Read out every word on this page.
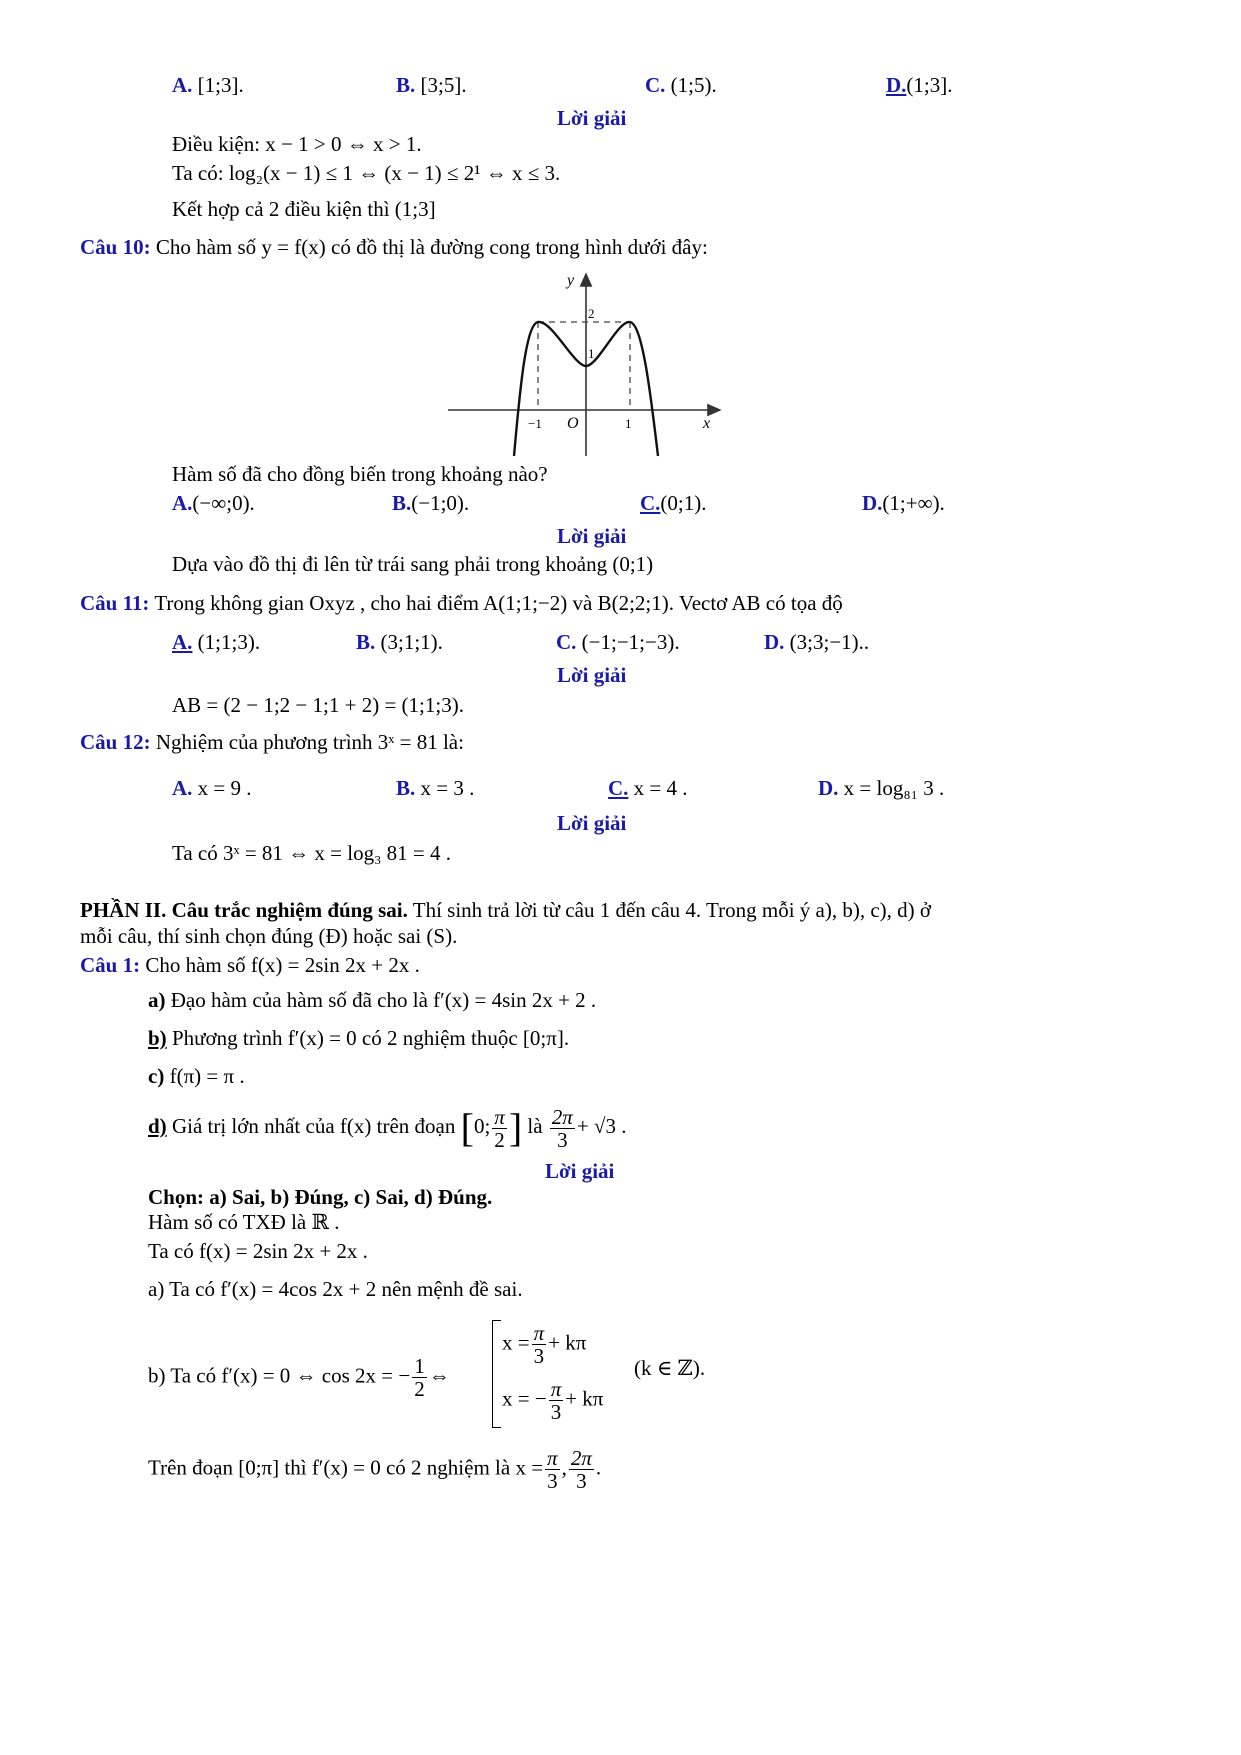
A. [1;3].	B. [3;5].	C. (1;5).	D.(1;3].
Lời giải
Điều kiện: x − 1 > 0 ⇔ x > 1.
Ta có: log₂(x − 1) ≤ 1 ⇔ (x − 1) ≤ 2¹ ⇔ x ≤ 3.
Kết hợp cả 2 điều kiện thì (1;3]
Câu 10: Cho hàm số y = f(x) có đồ thị là đường cong trong hình dưới đây:
y
x
O
−1	1
1
2
Hàm số đã cho đồng biến trong khoảng nào?
A.(−∞;0).	B.(−1;0).	C.(0;1).	D.(1;+∞).
Lời giải
Dựa vào đồ thị đi lên từ trái sang phải trong khoảng (0;1)
Câu 11: Trong không gian Oxyz , cho hai điểm A(1;1;−2) và B(2;2;1). Vectơ AB có tọa độ
A. (1;1;3).	B. (3;1;1).	C. (−1;−1;−3).	D. (3;3;−1)..
Lời giải
AB = (2 − 1;2 − 1;1 + 2) = (1;1;3).
Câu 12: Nghiệm của phương trình 3ˣ = 81 là:
A. x = 9 .	B. x = 3 .	C. x = 4 .	D. x = log₈₁ 3 .
Lời giải
Ta có 3ˣ = 81 ⇔ x = log₃ 81 = 4 .
PHẦN II. Câu trắc nghiệm đúng sai. Thí sinh trả lời từ câu 1 đến câu 4. Trong mỗi ý a), b), c), d) ở
mỗi câu, thí sinh chọn đúng (Đ) hoặc sai (S).
Câu 1: Cho hàm số f(x) = 2sin 2x + 2x .
a) Đạo hàm của hàm số đã cho là f′(x) = 4sin 2x + 2 .
b) Phương trình f′(x) = 0 có 2 nghiệm thuộc [0;π].
c) f(π) = π .
d) Giá trị lớn nhất của f(x) trên đoạn [0; $\frac{\pi}{2}$ ] là $\frac{2\pi}{3} + √3$ .
Lời giải
Chọn: a) Sai, b) Đúng, c) Sai, d) Đúng.
Hàm số có TXĐ là ℝ .
Ta có f(x) = 2sin 2x + 2x .
a) Ta có f′(x) = 4cos 2x + 2 nên mệnh đề sai.
b) Ta có f′(x) = 0 ⇔ cos 2x = − $\frac{1}{2}$ ⇔
$x = \frac{\pi}{3} + k\pi$
x = − $\frac{\pi}{3} + k\pi$
(k ∈ ℤ).
Trên đoạn [0;π] thì f′(x) = 0 có 2 nghiệm là $x = \frac{\pi}{3}$ , $\frac{2\pi}{3}$ .
